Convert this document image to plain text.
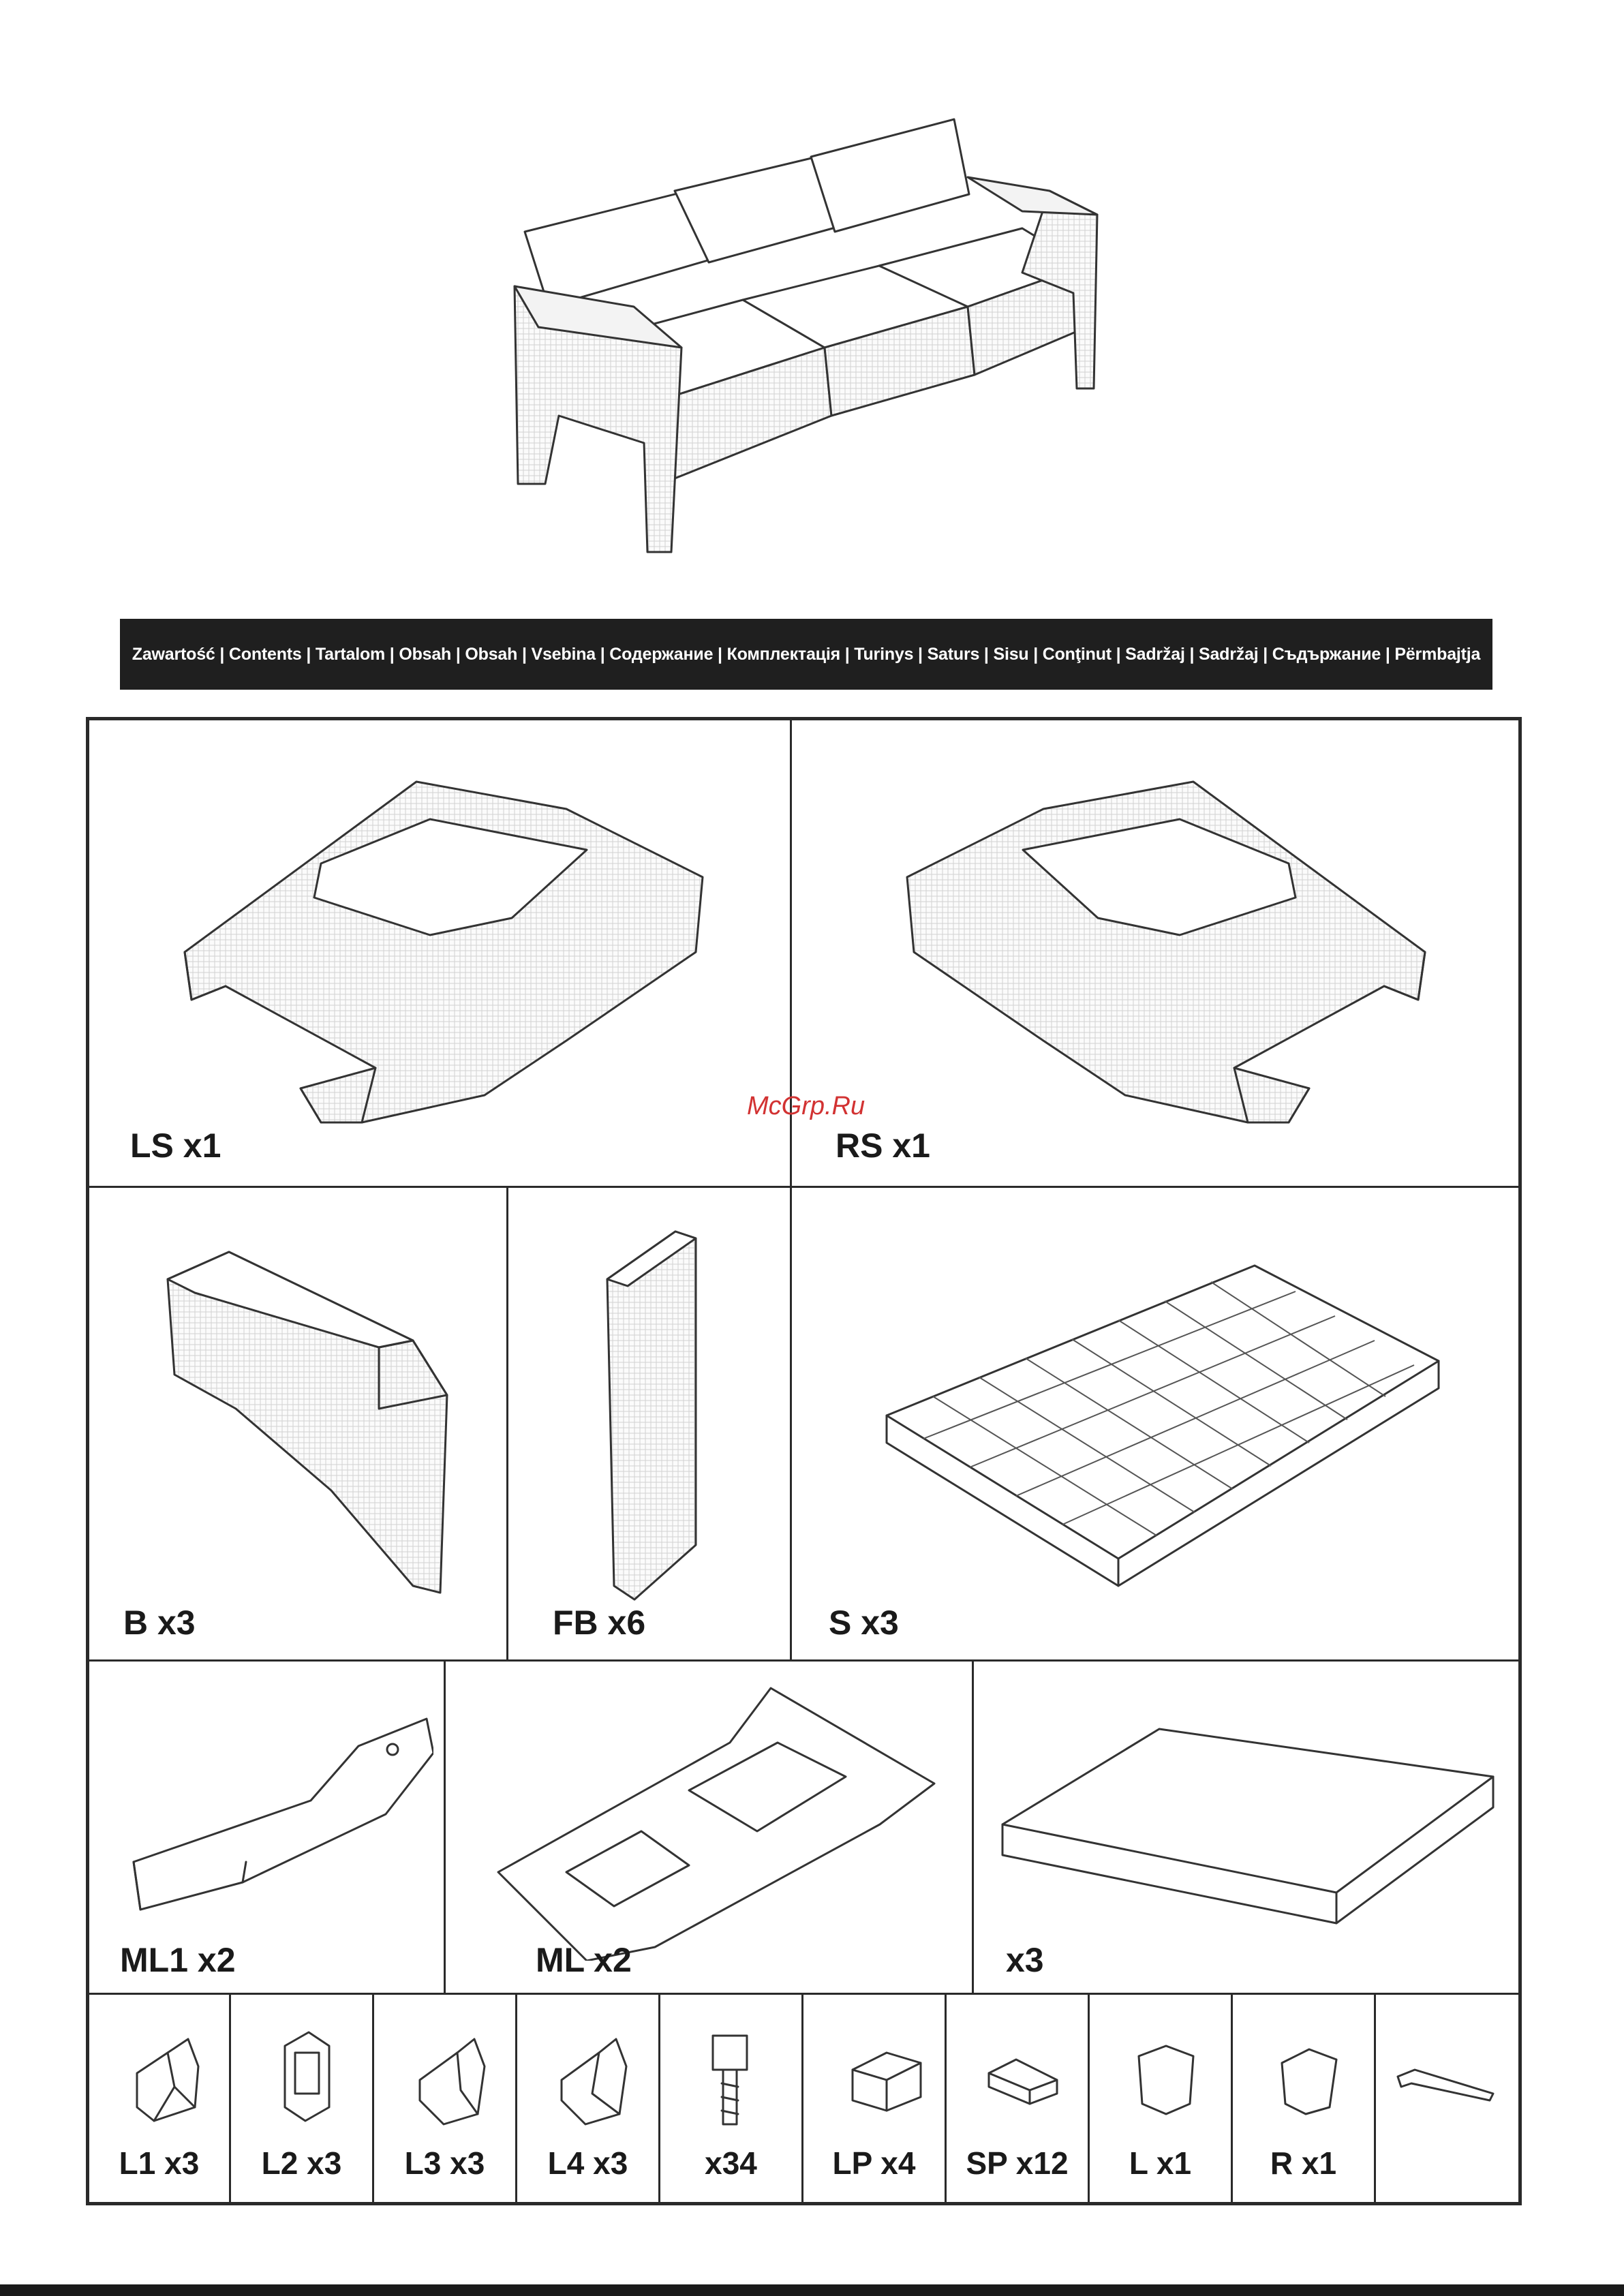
Zawartość | Contents | Tartalom | Obsah | Obsah | Vsebina | Содержание | Комплектація | Turinys | Saturs | Sisu | Conţinut | Sadržaj | Sadržaj | Съдържание | Përmbajtja
LS x1	RS x1
B x3	FB x6	S x3
ML1 x2	ML x2	x3
L1 x3	L2 x3	L3 x3	L4 x3	x34	LP x4	SP x12	L x1	R x1
McGrp.Ru
